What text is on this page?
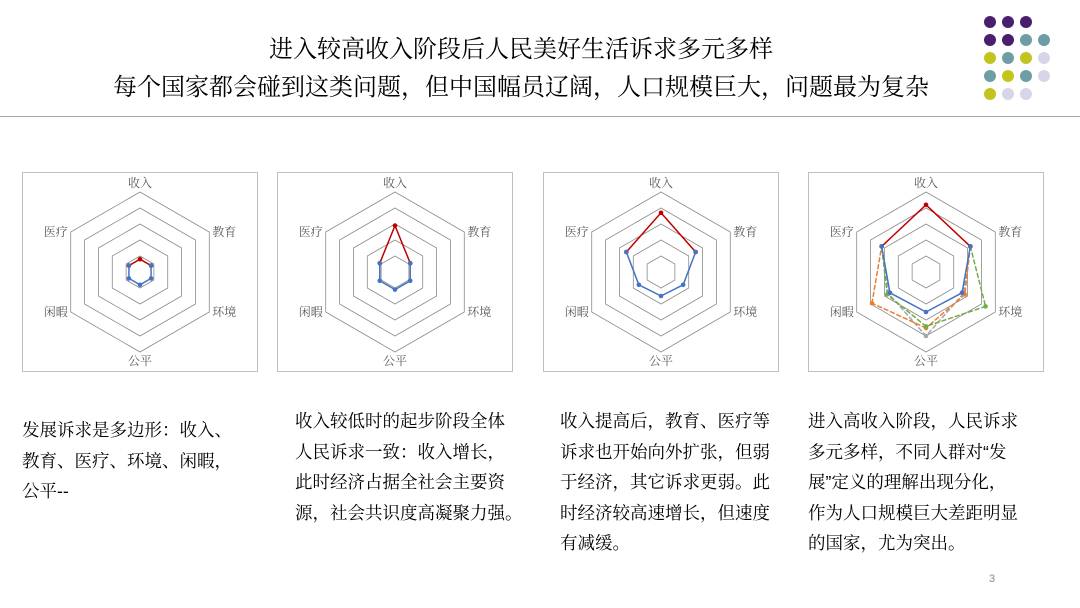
进入较高收入阶段后人民美好生活诉求多元多样
每个国家都会碰到这类问题，但中国幅员辽阔，人口规模巨大，问题最为复杂
收入
教育
环境
公平
闲暇
医疗
收入
教育
环境
公平
闲暇
医疗
收入
教育
环境
公平
闲暇
医疗
收入
教育
环境
公平
闲暇
医疗
发展诉求是多边形：收入、
教育、医疗、环境、闲暇，
公平--
收入较低时的起步阶段全体
人民诉求一致：收入增长，
此时经济占据全社会主要资
源，社会共识度高凝聚力强。
收入提高后，教育、医疗等
诉求也开始向外扩张，但弱
于经济，其它诉求更弱。此
时经济较高速增长，但速度
有减缓。
进入高收入阶段，人民诉求
多元多样，不同人群对“发
展”定义的理解出现分化，
作为人口规模巨大差距明显
的国家，尤为突出。
3
